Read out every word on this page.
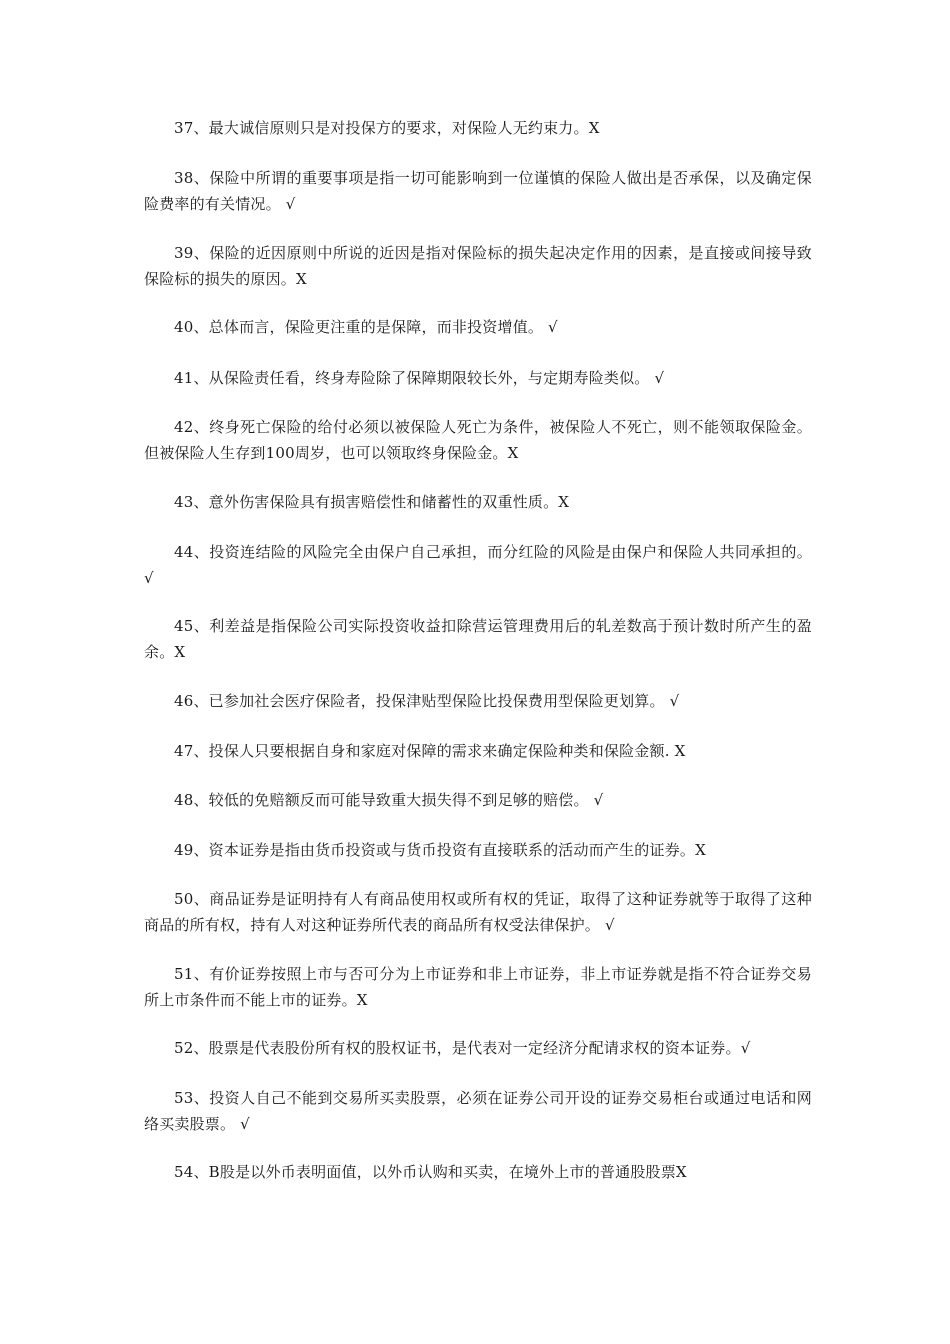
37、最大诚信原则只是对投保方的要求，对保险人无约束力。X

38、保险中所谓的重要事项是指一切可能影响到一位谨慎的保险人做出是否承保，以及确定保险费率的有关情况。 √

39、保险的近因原则中所说的近因是指对保险标的损失起决定作用的因素，是直接或间接导致保险标的损失的原因。X

40、总体而言，保险更注重的是保障，而非投资增值。 √

41、从保险责任看，终身寿险除了保障期限较长外，与定期寿险类似。 √

42、终身死亡保险的给付必须以被保险人死亡为条件，被保险人不死亡，则不能领取保险金。但被保险人生存到100周岁，也可以领取终身保险金。X

43、意外伤害保险具有损害赔偿性和储蓄性的双重性质。X

44、投资连结险的风险完全由保户自己承担，而分红险的风险是由保户和保险人共同承担的。 √

45、利差益是指保险公司实际投资收益扣除营运管理费用后的轧差数高于预计数时所产生的盈余。X

46、已参加社会医疗保险者，投保津贴型保险比投保费用型保险更划算。 √

47、投保人只要根据自身和家庭对保障的需求来确定保险种类和保险金额. X

48、较低的免赔额反而可能导致重大损失得不到足够的赔偿。 √

49、资本证券是指由货币投资或与货币投资有直接联系的活动而产生的证券。X

50、商品证券是证明持有人有商品使用权或所有权的凭证，取得了这种证券就等于取得了这种商品的所有权，持有人对这种证券所代表的商品所有权受法律保护。 √

51、有价证券按照上市与否可分为上市证券和非上市证券，非上市证券就是指不符合证券交易所上市条件而不能上市的证券。X

52、股票是代表股份所有权的股权证书，是代表对一定经济分配请求权的资本证券。√

53、投资人自己不能到交易所买卖股票，必须在证券公司开设的证券交易柜台或通过电话和网络买卖股票。 √

54、B股是以外币表明面值，以外币认购和买卖，在境外上市的普通股股票X
